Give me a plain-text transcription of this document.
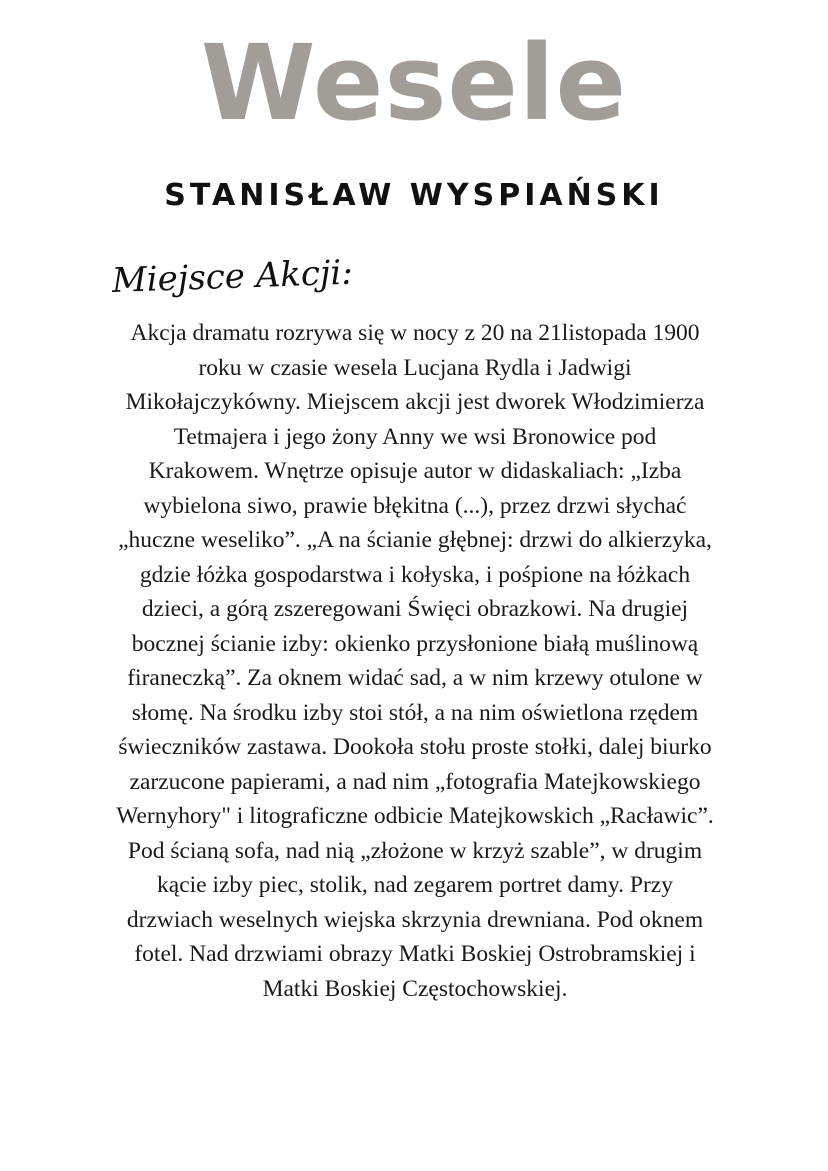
Wesele
STANISŁAW WYSPIAŃSKI
Miejsce Akcji:
Akcja dramatu rozrywa się w nocy z 20 na 21listopada 1900
roku w czasie wesela Lucjana Rydla i Jadwigi
Mikołajczykówny. Miejscem akcji jest dworek Włodzimierza
Tetmajera i jego żony Anny we wsi Bronowice pod
Krakowem. Wnętrze opisuje autor w didaskaliach: „Izba
wybielona siwo, prawie błękitna (...), przez drzwi słychać
„huczne weseliko”. „A na ścianie głębnej: drzwi do alkierzyka,
gdzie łóżka gospodarstwa i kołyska, i pośpione na łóżkach
dzieci, a górą zszeregowani Święci obrazkowi. Na drugiej
bocznej ścianie izby: okienko przysłonione białą muślinową
firaneczką”. Za oknem widać sad, a w nim krzewy otulone w
słomę. Na środku izby stoi stół, a na nim oświetlona rzędem
świeczników zastawa. Dookoła stołu proste stołki, dalej biurko
zarzucone papierami, a nad nim „fotografia Matejkowskiego
Wernyhory" i litograficzne odbicie Matejkowskich „Racławic”.
Pod ścianą sofa, nad nią „złożone w krzyż szable”, w drugim
kącie izby piec, stolik, nad zegarem portret damy. Przy
drzwiach weselnych wiejska skrzynia drewniana. Pod oknem
fotel. Nad drzwiami obrazy Matki Boskiej Ostrobramskiej i
Matki Boskiej Częstochowskiej.
